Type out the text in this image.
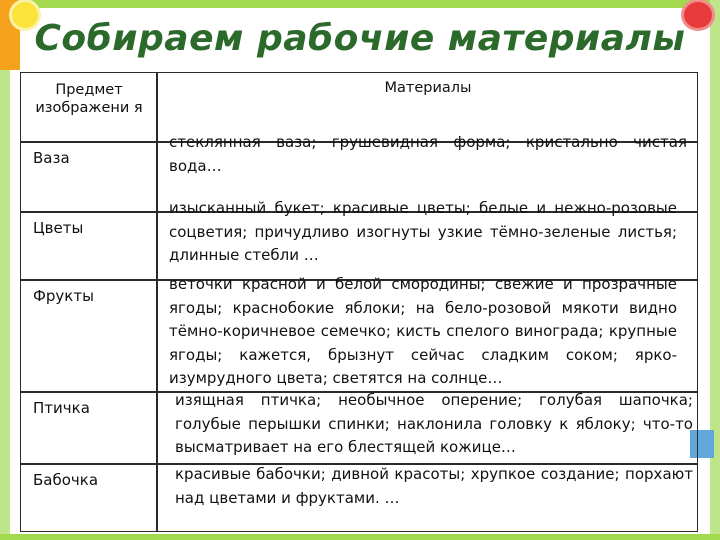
Собираем рабочие материалы
Предмет изображени я
Материалы
Ваза
стеклянная ваза; грушевидная форма; кристально чистая вода…
Цветы
изысканный букет; красивые цветы; белые и нежно-розовые соцветия; причудливо изогнуты узкие тёмно-зеленые листья; длинные стебли …
Фрукты
веточки красной и белой смородины; свежие и прозрачные ягоды; краснобокие яблоки; на бело-розовой мякоти видно тёмно-коричневое семечко; кисть спелого винограда; крупные ягоды; кажется, брызнут сейчас сладким соком; ярко-изумрудного цвета; светятся на солнце…
Птичка	изящная птичка; необычное оперение; голубая шапочка; голубые перышки спинки; наклонила головку к яблоку; что-то высматривает на его блестящей кожице…
Бабочка	красивые бабочки; дивной красоты; хрупкое создание; порхают над цветами и фруктами. …
